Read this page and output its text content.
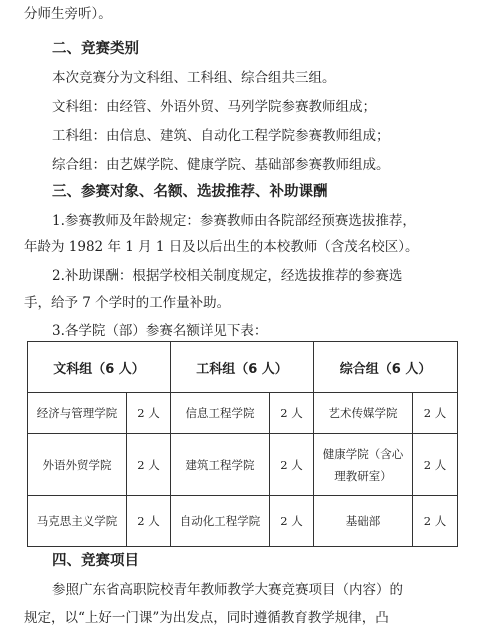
分师生旁听）。
二、竞赛类别
本次竞赛分为文科组、工科组、综合组共三组。
文科组：由经管、外语外贸、马列学院参赛教师组成；
工科组：由信息、建筑、自动化工程学院参赛教师组成；
综合组：由艺媒学院、健康学院、基础部参赛教师组成。
三、参赛对象、名额、选拔推荐、补助课酬
1.参赛教师及年龄规定：参赛教师由各院部经预赛选拔推荐，
年龄为 1982 年 1 月 1 日及以后出生的本校教师（含茂名校区）。
2.补助课酬：根据学校相关制度规定，经选拔推荐的参赛选
手，给予 7 个学时的工作量补助。
3.各学院（部）参赛名额详见下表：
文科组（6 人）		工科组（6 人）		综合组（6 人）	
经济与管理学院	2 人	信息工程学院	2 人	艺术传媒学院	2 人
外语外贸学院	2 人	建筑工程学院	2 人	健康学院（含心
理教研室）	2 人
马克思主义学院	2 人	自动化工程学院	2 人	基础部	2 人
四、竞赛项目
参照广东省高职院校青年教师教学大赛竞赛项目（内容）的
规定，以“上好一门课”为出发点，同时遵循教育教学规律，凸
